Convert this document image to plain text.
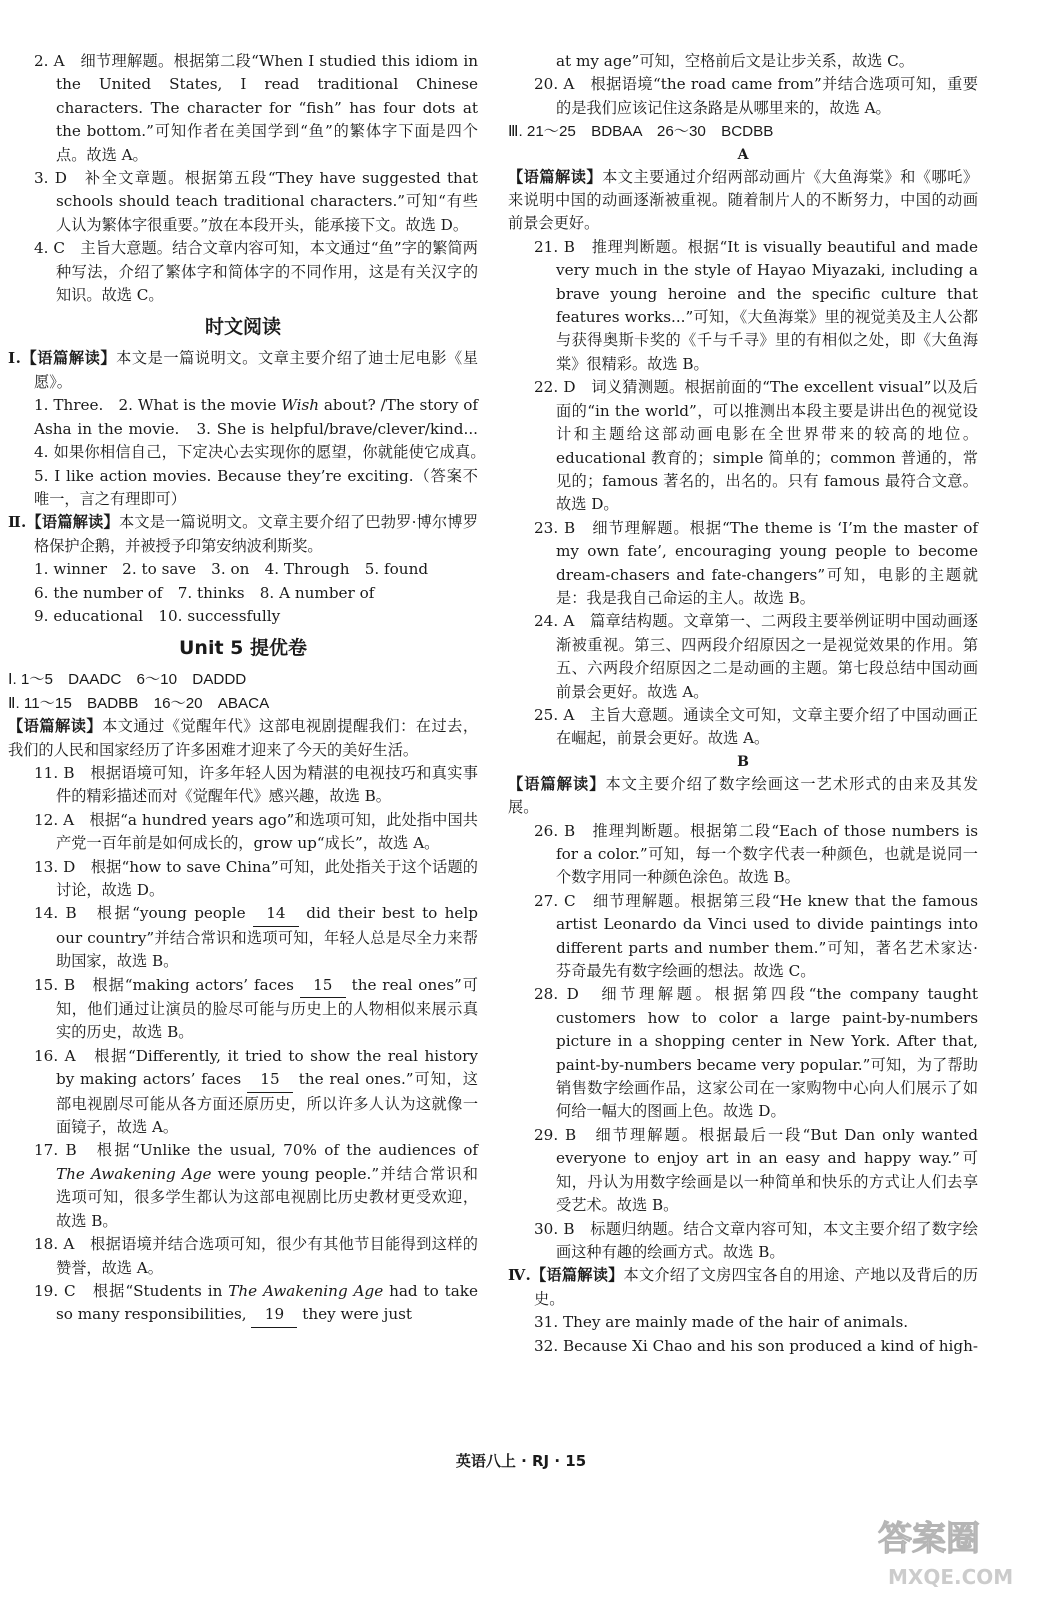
2. A　细节理解题。根据第二段“When I studied this idiom in the United States, I read traditional Chinese characters. The character for “fish” has four dots at the bottom.”可知作者在美国学到“鱼”的繁体字下面是四个点。故选 A。

3. D　补全文章题。根据第五段“They have suggested that schools should teach traditional characters.”可知“有些人认为繁体字很重要。”放在本段开头，能承接下文。故选 D。

4. C　主旨大意题。结合文章内容可知，本文通过“鱼”字的繁简两种写法，介绍了繁体字和简体字的不同作用，这是有关汉字的知识。故选 C。

时文阅读

Ⅰ.【语篇解读】本文是一篇说明文。文章主要介绍了迪士尼电影《星愿》。

1. Three.　2. What is the movie Wish about? /The story of Asha in the movie.　3. She is helpful/brave/clever/kind...　4. 如果你相信自己，下定决心去实现你的愿望，你就能使它成真。　5. I like action movies. Because they’re exciting.（答案不唯一，言之有理即可）

Ⅱ.【语篇解读】本文是一篇说明文。文章主要介绍了巴勃罗·博尔博罗格保护企鹅，并被授予印第安纳波利斯奖。

1. winner　2. to save　3. on　4. Through　5. found

6. the number of　7. thinks　8. A number of

9. educational　10. successfully

Unit 5 提优卷

Ⅰ. 1～5　DAADC　6～10　DADDD

Ⅱ. 11～15　BADBB　16～20　ABACA

【语篇解读】本文通过《觉醒年代》这部电视剧提醒我们：在过去，我们的人民和国家经历了许多困难才迎来了今天的美好生活。

11. B　根据语境可知，许多年轻人因为精湛的电视技巧和真实事件的精彩描述而对《觉醒年代》感兴趣，故选 B。

12. A　根据“a hundred years ago”和选项可知，此处指中国共产党一百年前是如何成长的，grow up“成长”，故选 A。

13. D　根据“how to save China”可知，此处指关于这个话题的讨论，故选 D。

14. B　根据“young people 14 did their best to help our country”并结合常识和选项可知，年轻人总是尽全力来帮助国家，故选 B。

15. B　根据“making actors’ faces 15 the real ones”可知，他们通过让演员的脸尽可能与历史上的人物相似来展示真实的历史，故选 B。

16. A　根据“Differently, it tried to show the real history by making actors’ faces 15 the real ones.”可知，这部电视剧尽可能从各方面还原历史，所以许多人认为这就像一面镜子，故选 A。

17. B　根据“Unlike the usual, 70% of the audiences of The Awakening Age were young people.”并结合常识和选项可知，很多学生都认为这部电视剧比历史教材更受欢迎，故选 B。

18. A　根据语境并结合选项可知，很少有其他节目能得到这样的赞誉，故选 A。

19. C　根据“Students in The Awakening Age had to take so many responsibilities, 19 they were just

at my age”可知，空格前后文是让步关系，故选 C。

20. A　根据语境“the road came from”并结合选项可知，重要的是我们应该记住这条路是从哪里来的，故选 A。

Ⅲ. 21～25　BDBAA　26～30　BCDBB

A

【语篇解读】本文主要通过介绍两部动画片《大鱼海棠》和《哪吒》来说明中国的动画逐渐被重视。随着制片人的不断努力，中国的动画前景会更好。

21. B　推理判断题。根据“It is visually beautiful and made very much in the style of Hayao Miyazaki, including a brave young heroine and the specific culture that features works...”可知，《大鱼海棠》里的视觉美及主人公都与获得奥斯卡奖的《千与千寻》里的有相似之处，即《大鱼海棠》很精彩。故选 B。

22. D　词义猜测题。根据前面的“The excellent visual”以及后面的“in the world”，可以推测出本段主要是讲出色的视觉设计和主题给这部动画电影在全世界带来的较高的地位。educational 教育的；simple 简单的；common 普通的，常见的；famous 著名的，出名的。只有 famous 最符合文意。故选 D。

23. B　细节理解题。根据“The theme is ‘I’m the master of my own fate’, encouraging young people to become dream-chasers and fate-changers”可知，电影的主题就是：我是我自己命运的主人。故选 B。

24. A　篇章结构题。文章第一、二两段主要举例证明中国动画逐渐被重视。第三、四两段介绍原因之一是视觉效果的作用。第五、六两段介绍原因之二是动画的主题。第七段总结中国动画前景会更好。故选 A。

25. A　主旨大意题。通读全文可知，文章主要介绍了中国动画正在崛起，前景会更好。故选 A。

B

【语篇解读】本文主要介绍了数字绘画这一艺术形式的由来及其发展。

26. B　推理判断题。根据第二段“Each of those numbers is for a color.”可知，每一个数字代表一种颜色，也就是说同一个数字用同一种颜色涂色。故选 B。

27. C　细节理解题。根据第三段“He knew that the famous artist Leonardo da Vinci used to divide paintings into different parts and number them.”可知，著名艺术家达·芬奇最先有数字绘画的想法。故选 C。

28. D　细节理解题。根据第四段“the company taught customers how to color a large paint-by-numbers picture in a shopping center in New York. After that, paint-by-numbers became very popular.”可知，为了帮助销售数字绘画作品，这家公司在一家购物中心向人们展示了如何给一幅大的图画上色。故选 D。

29. B　细节理解题。根据最后一段“But Dan only wanted everyone to enjoy art in an easy and happy way.”可知，丹认为用数字绘画是以一种简单和快乐的方式让人们去享受艺术。故选 B。

30. B　标题归纳题。结合文章内容可知，本文主要介绍了数字绘画这种有趣的绘画方式。故选 B。

Ⅳ.【语篇解读】本文介绍了文房四宝各自的用途、产地以及背后的历史。

31. They are mainly made of the hair of animals.

32. Because Xi Chao and his son produced a kind of high-

英语八上 · RJ · 15
答案圈
MXQE.COM
